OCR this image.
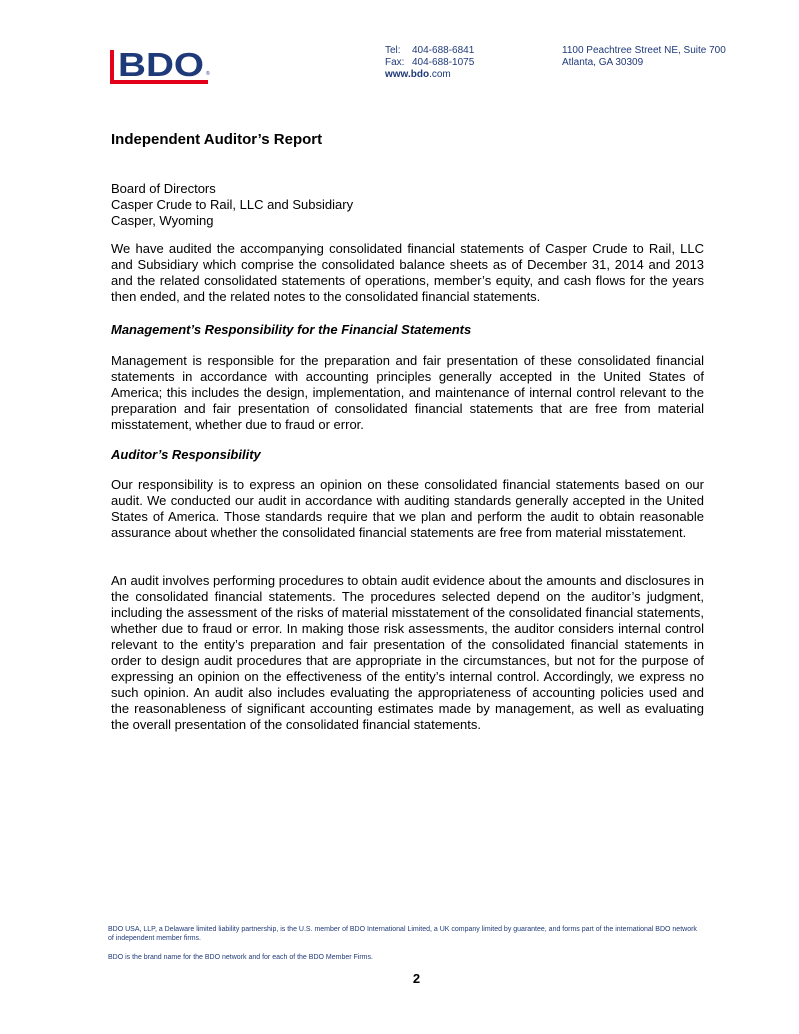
BDO ®
Tel:	404-688-6841
Fax: 404-688-1075
www. bdo .com
1100 Peachtree Street NE, Suite 700
Atlanta, GA 30309
Independent Auditor’s Report
Board of Directors
Casper Crude to Rail, LLC and Subsidiary
Casper, Wyoming

We have audited the accompanying consolidated financial statements of Casper Crude to Rail, LLC and Subsidiary which comprise the consolidated balance sheets as of December 31, 2014 and 2013 and the related consolidated statements of operations, member’s equity, and cash flows for the years then ended, and the related notes to the consolidated financial statements.

Management’s Responsibility for the Financial Statements

Management is responsible for the preparation and fair presentation of these consolidated financial statements in accordance with accounting principles generally accepted in the United States of America; this includes the design, implementation, and maintenance of internal control relevant to the preparation and fair presentation of consolidated financial statements that are free from material misstatement, whether due to fraud or error.

Auditor’s Responsibility

Our responsibility is to express an opinion on these consolidated financial statements based on our audit. We conducted our audit in accordance with auditing standards generally accepted in the United States of America. Those standards require that we plan and perform the audit to obtain reasonable assurance about whether the consolidated financial statements are free from material misstatement.

An audit involves performing procedures to obtain audit evidence about the amounts and disclosures in the consolidated financial statements. The procedures selected depend on the auditor’s judgment, including the assessment of the risks of material misstatement of the consolidated financial statements, whether due to fraud or error. In making those risk assessments, the auditor considers internal control relevant to the entity’s preparation and fair presentation of the consolidated financial statements in order to design audit procedures that are appropriate in the circumstances, but not for the purpose of expressing an opinion on the effectiveness of the entity’s internal control. Accordingly, we express no such opinion. An audit also includes evaluating the appropriateness of accounting policies used and the reasonableness of significant accounting estimates made by management, as well as evaluating the overall presentation of the consolidated financial statements.

BDO USA, LLP, a Delaware limited liability partnership, is the U.S. member of BDO International Limited, a UK company limited by guarantee, and forms part of the international BDO network of independent member firms.
BDO is the brand name for the BDO network and for each of the BDO Member Firms.
2
